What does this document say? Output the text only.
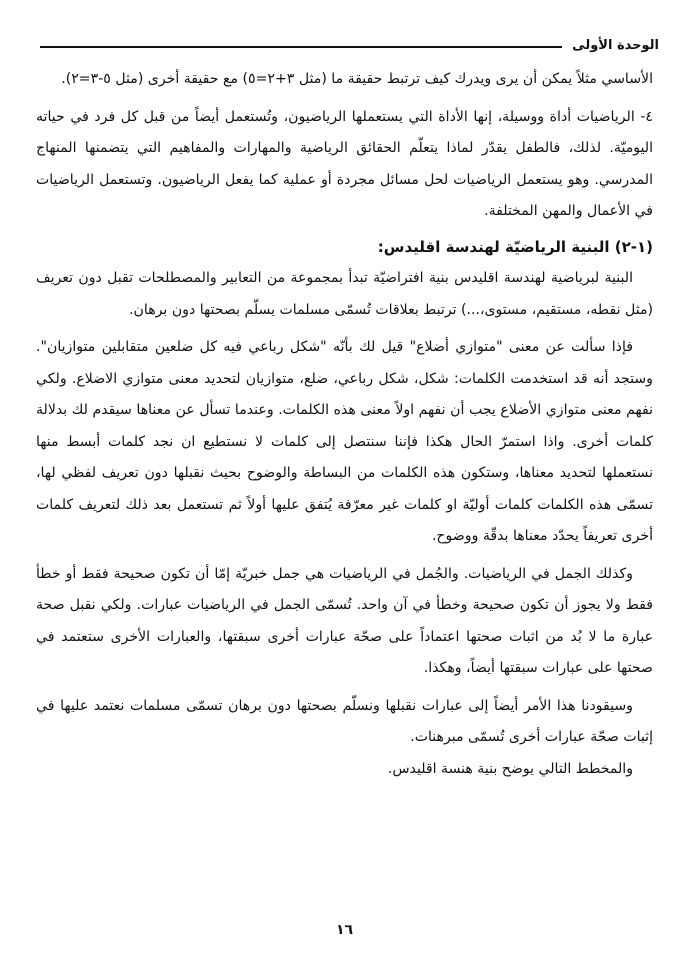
الوحدة الأولى

الأساسي مثلاً يمكن أن يرى ويدرك كيف ترتبط حقيقة ما (مثل ٣+٢=٥) مع حقيقة أخرى (مثل ٥-٣=٢).

٤- الرياضيات أداة ووسيلة، إنها الأداة التي يستعملها الرياضيون، وتُستعمل أيضاً من قبل كل فرد في حياته اليوميّة. لذلك، فالطفل يقدّر لماذا يتعلّم الحقائق الرياضية والمهارات والمفاهيم التي يتضمنها المنهاج المدرسي. وهو يستعمل الرياضيات لحل مسائل مجردة أو عملية كما يفعل الرياضيون. وتستعمل الرياضيات في الأعمال والمهن المختلفة.

(١-٢) البنية الرياضيّة لهندسة اقليدس:

البنية لبرياضية لهندسة اقليدس بنية افتراضيّة تبدأ بمجموعة من التعابير والمصطلحات تقبل دون تعريف (مثل نقطه، مستقيم، مستوى،...) ترتبط بعلاقات تُسمّى مسلمات يسلّم بصحتها دون برهان.

فإذا سألت عن معنى "متوازي أضلاع" قيل لك بأنّه "شكل رباعي فيه كل ضلعين متقابلين متوازيان". وستجد أنه قد استخدمت الكلمات: شكل، شكل رباعي، ضلع، متوازيان لتحديد معنى متوازي الاضلاع. ولكي نفهم معنى متوازي الأضلاع يجب أن نفهم اولاً معنى هذه الكلمات. وعندما تسأل عن معناها سيقدم لك بدلالة كلمات أخرى. واذا استمرّ الحال هكذا فإننا سنتصل إلى كلمات لا نستطيع ان نجد كلمات أبسط منها نستعملها لتحديد معناها، وستكون هذه الكلمات من البساطة والوضوح بحيث نقبلها دون تعريف لفظي لها، تسمّى هذه الكلمات كلمات أوليّة او كلمات غير معرّفة يُتفق عليها أولاً ثم تستعمل بعد ذلك لتعريف كلمات أخرى تعريفاً يحدّد معناها بدقّة ووضوح.

وكذلك الجمل في الرياضيات. والجُمل في الرياضيات هي جمل خبريّة إمّا أن تكون صحيحة فقط أو خطأ فقط ولا يجوز أن تكون صحيحة وخطأ في آن واحد. تُسمّى الجمل في الرياضيات عبارات. ولكي نقبل صحة عبارة ما لا بُد من اثبات صحتها اعتماداً على صحّة عبارات أخرى سبقتها، والعبارات الأخرى ستعتمد في صحتها على عبارات سبقتها أيضاً، وهكذا.

وسيقودنا هذا الأمر أيضاً إلى عبارات نقبلها ونسلّم بصحتها دون برهان تسمّى مسلمات نعتمد عليها في إثبات صحّة عبارات أخرى تُسمّى مبرهنات.

والمخطط التالي يوضح بنية هنسة اقليدس.

١٦
